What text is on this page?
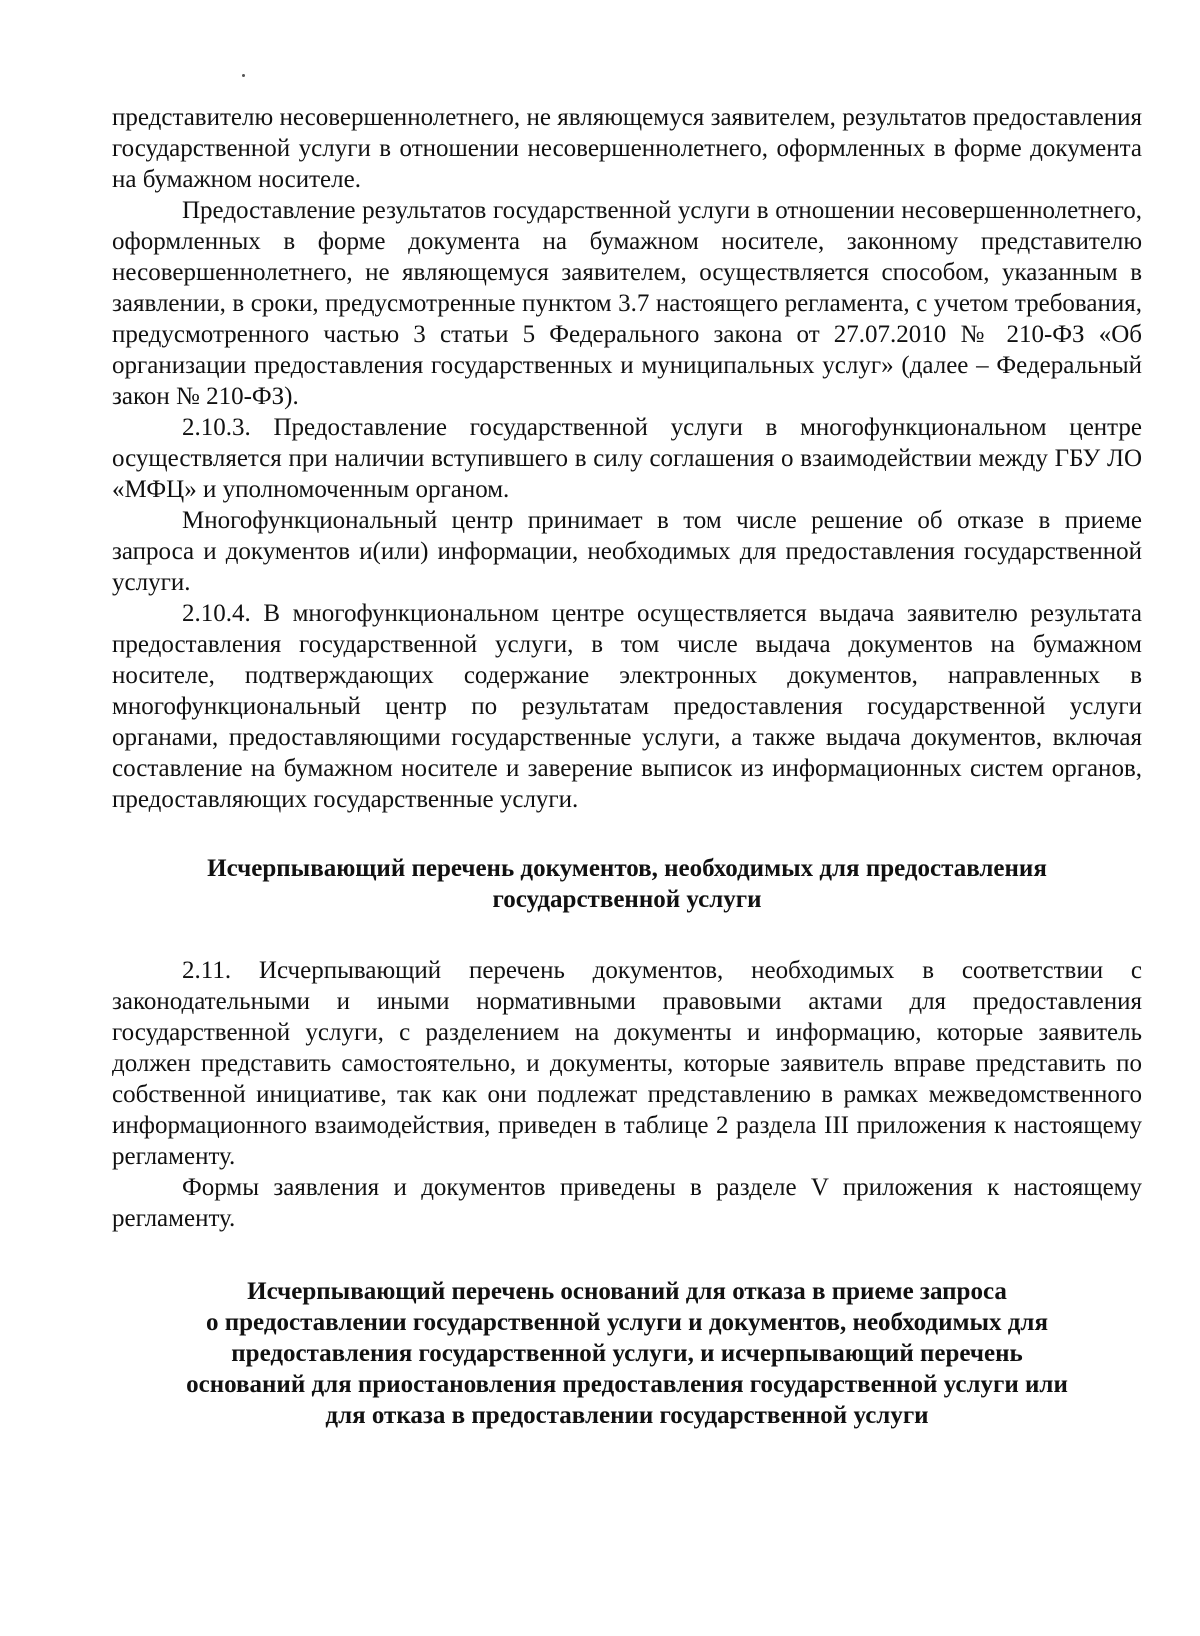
представителю несовершеннолетнего, не являющемуся заявителем, результатов предоставления государственной услуги в отношении несовершеннолетнего, оформленных в форме документа на бумажном носителе.

Предоставление результатов государственной услуги в отношении несовершеннолетнего, оформленных в форме документа на бумажном носителе, законному представителю несовершеннолетнего, не являющемуся заявителем, осуществляется способом, указанным в заявлении, в сроки, предусмотренные пунктом 3.7 настоящего регламента, с учетом требования, предусмотренного частью 3 статьи 5 Федерального закона от 27.07.2010 № 210-ФЗ «Об организации предоставления государственных и муниципальных услуг» (далее – Федеральный закон № 210-ФЗ).

2.10.3. Предоставление государственной услуги в многофункциональном центре осуществляется при наличии вступившего в силу соглашения о взаимодействии между ГБУ ЛО «МФЦ» и уполномоченным органом.

Многофункциональный центр принимает в том числе решение об отказе в приеме запроса и документов и(или) информации, необходимых для предоставления государственной услуги.

2.10.4. В многофункциональном центре осуществляется выдача заявителю результата предоставления государственной услуги, в том числе выдача документов на бумажном носителе, подтверждающих содержание электронных документов, направленных в многофункциональный центр по результатам предоставления государственной услуги органами, предоставляющими государственные услуги, а также выдача документов, включая составление на бумажном носителе и заверение выписок из информационных систем органов, предоставляющих государственные услуги.

Исчерпывающий перечень документов, необходимых для предоставления
государственной услуги

2.11. Исчерпывающий перечень документов, необходимых в соответствии с законодательными и иными нормативными правовыми актами для предоставления государственной услуги, с разделением на документы и информацию, которые заявитель должен представить самостоятельно, и документы, которые заявитель вправе представить по собственной инициативе, так как они подлежат представлению в рамках межведомственного информационного взаимодействия, приведен в таблице 2 раздела III приложения к настоящему регламенту.

Формы заявления и документов приведены в разделе V приложения к настоящему регламенту.

Исчерпывающий перечень оснований для отказа в приеме запроса
о предоставлении государственной услуги и документов, необходимых для
предоставления государственной услуги, и исчерпывающий перечень
оснований для приостановления предоставления государственной услуги или
для отказа в предоставлении государственной услуги
